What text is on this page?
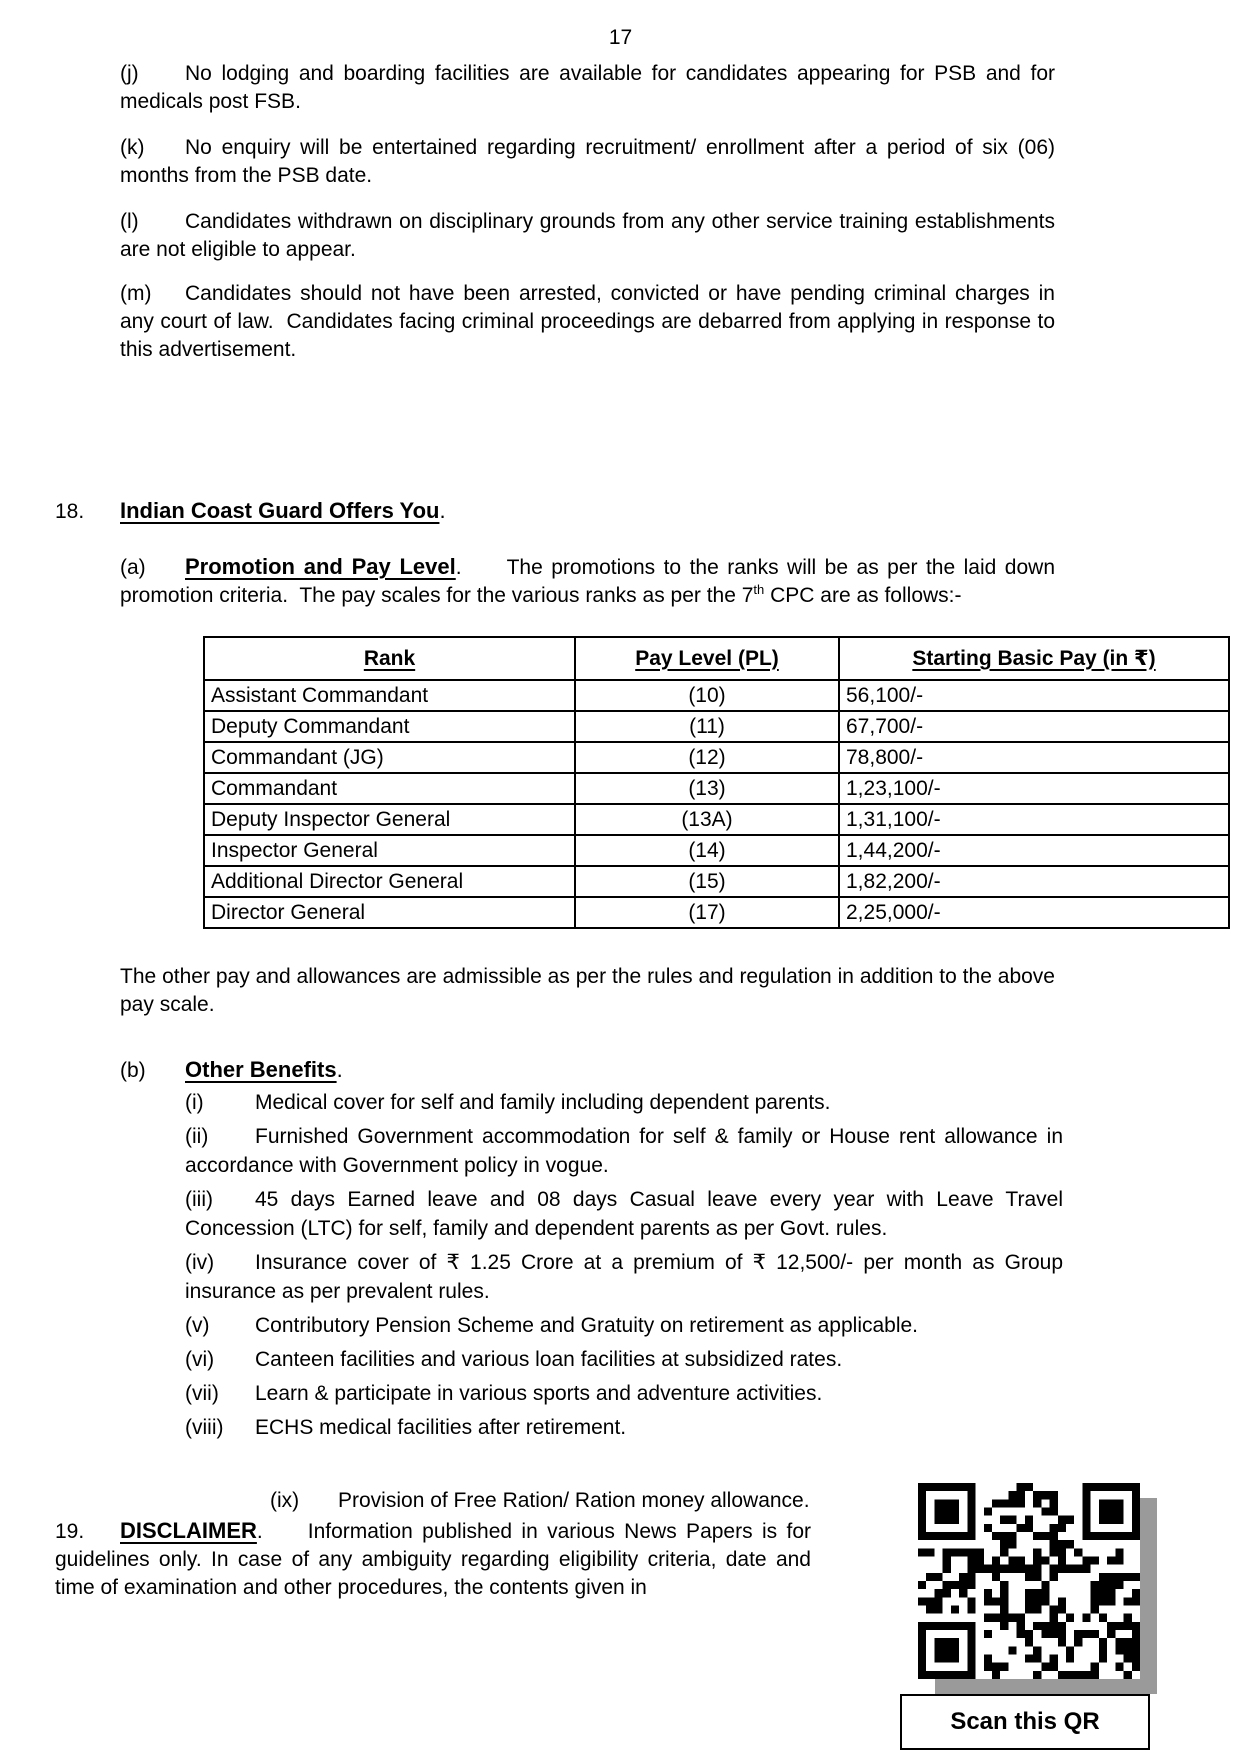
17

(j) No lodging and boarding facilities are available for candidates appearing for PSB and for medicals post FSB.

(k) No enquiry will be entertained regarding recruitment/ enrollment after a period of six (06) months from the PSB date.

(l) Candidates withdrawn on disciplinary grounds from any other service training establishments are not eligible to appear.

(m) Candidates should not have been arrested, convicted or have pending criminal charges in any court of law.  Candidates facing criminal proceedings are debarred from applying in response to this advertisement.

18. Indian Coast Guard Offers You.

(a) Promotion and Pay Level. The promotions to the ranks will be as per the laid down promotion criteria.  The pay scales for the various ranks as per the 7th CPC are as follows:-

Rank	Pay Level (PL)	Starting Basic Pay (in ₹)
Assistant Commandant	(10)	56,100/-
Deputy Commandant	(11)	67,700/-
Commandant (JG)	(12)	78,800/-
Commandant	(13)	1,23,100/-
Deputy Inspector General	(13A)	1,31,100/-
Inspector General	(14)	1,44,200/-
Additional Director General	(15)	1,82,200/-
Director General	(17)	2,25,000/-

The other pay and allowances are admissible as per the rules and regulation in addition to the above pay scale.

(b) Other Benefits.

(i) Medical cover for self and family including dependent parents.

(ii) Furnished Government accommodation for self & family or House rent allowance in accordance with Government policy in vogue.

(iii) 45 days Earned leave and 08 days Casual leave every year with Leave Travel Concession (LTC) for self, family and dependent parents as per Govt. rules.

(iv) Insurance cover of ₹ 1.25 Crore at a premium of ₹ 12,500/- per month as Group insurance as per prevalent rules.

(v) Contributory Pension Scheme and Gratuity on retirement as applicable.

(vi) Canteen facilities and various loan facilities at subsidized rates.

(vii) Learn & participate in various sports and adventure activities.

(viii) ECHS medical facilities after retirement.

(ix) Provision of Free Ration/ Ration money allowance.

19. DISCLAIMER. Information published in various News Papers is for guidelines only. In case of any ambiguity regarding eligibility criteria, date and time of examination and other procedures, the contents given in

Scan this QR
